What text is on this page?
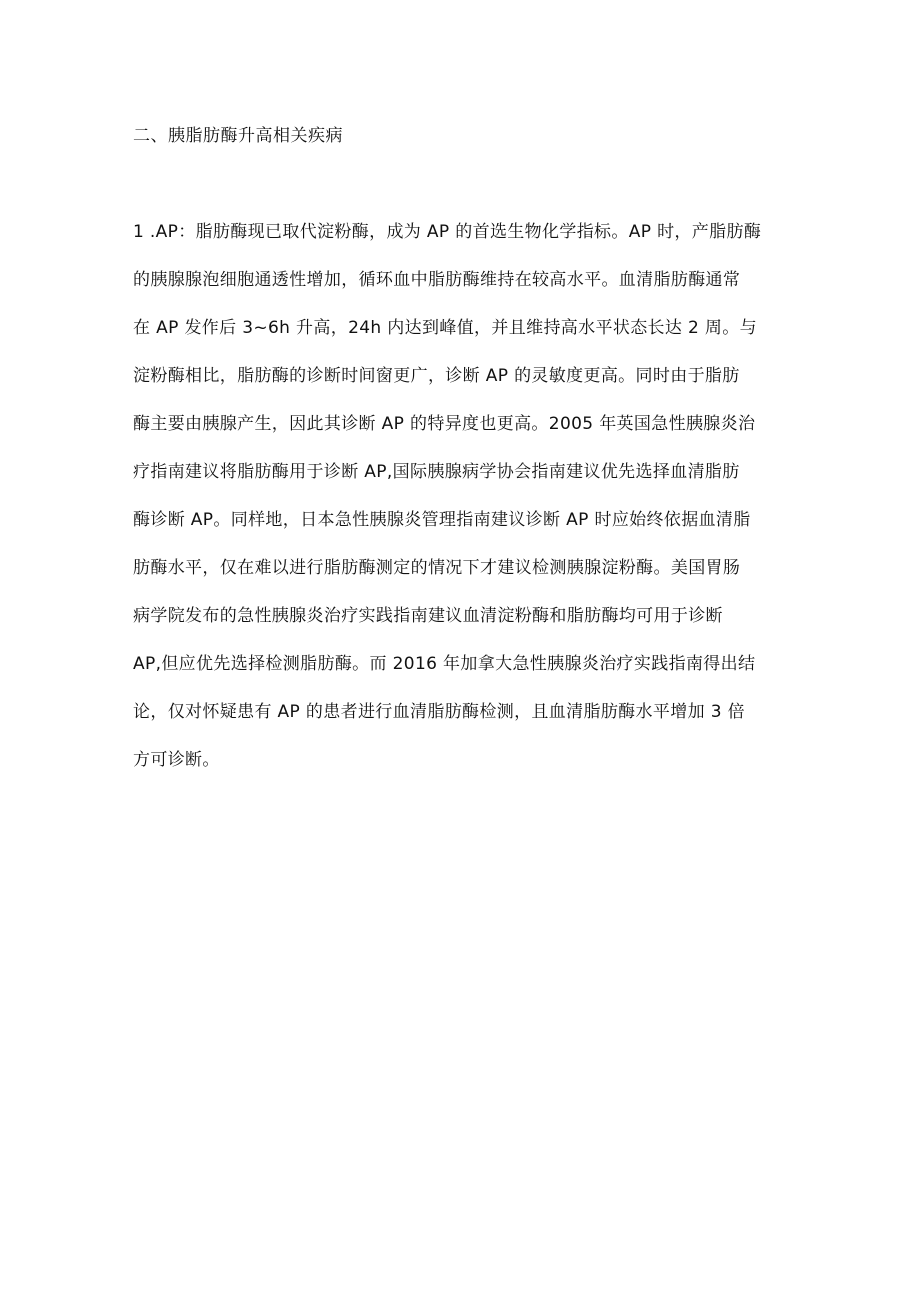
二、胰脂肪酶升高相关疾病
1 .AP：脂肪酶现已取代淀粉酶，成为 AP 的首选生物化学指标。AP 时，产脂肪酶
的胰腺腺泡细胞通透性增加，循环血中脂肪酶维持在较高水平。血清脂肪酶通常
在 AP 发作后 3~6h 升高，24h 内达到峰值，并且维持高水平状态长达 2 周。与
淀粉酶相比，脂肪酶的诊断时间窗更广，诊断 AP 的灵敏度更高。同时由于脂肪
酶主要由胰腺产生，因此其诊断 AP 的特异度也更高。2005 年英国急性胰腺炎治
疗指南建议将脂肪酶用于诊断 AP,国际胰腺病学协会指南建议优先选择血清脂肪
酶诊断 AP。同样地，日本急性胰腺炎管理指南建议诊断 AP 时应始终依据血清脂
肪酶水平，仅在难以进行脂肪酶测定的情况下才建议检测胰腺淀粉酶。美国胃肠
病学院发布的急性胰腺炎治疗实践指南建议血清淀粉酶和脂肪酶均可用于诊断
AP,但应优先选择检测脂肪酶。而 2016 年加拿大急性胰腺炎治疗实践指南得出结
论，仅对怀疑患有 AP 的患者进行血清脂肪酶检测，且血清脂肪酶水平增加 3 倍
方可诊断。
